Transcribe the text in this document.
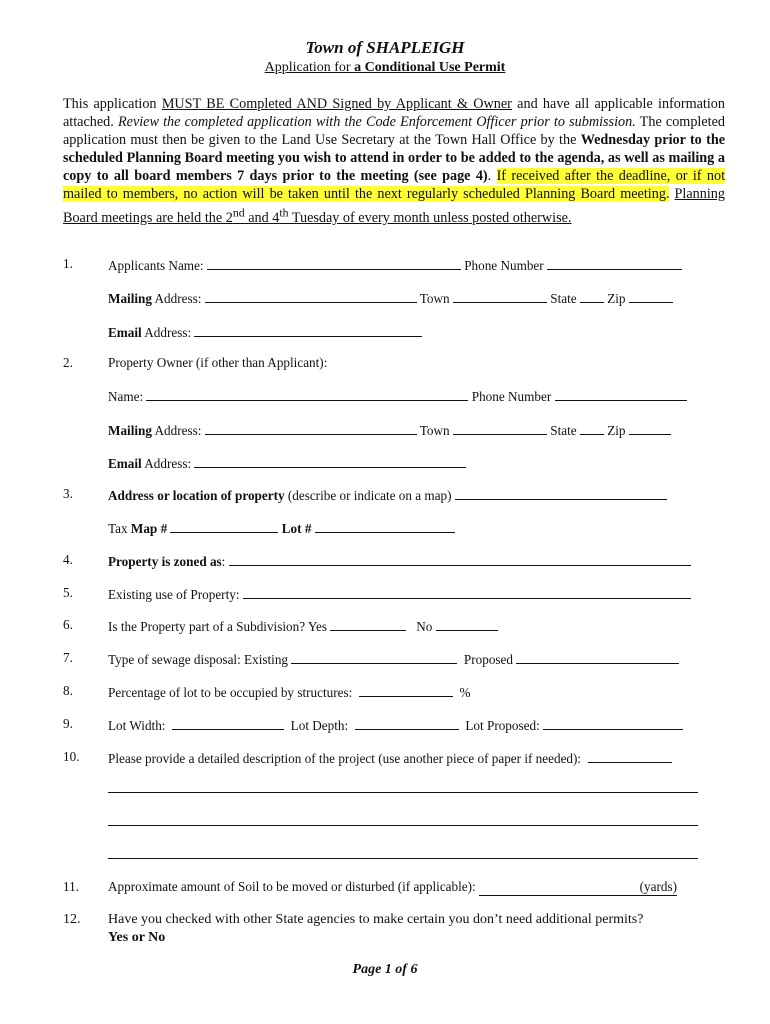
Town of SHAPLEIGH
Application for a Conditional Use Permit
This application MUST BE Completed AND Signed by Applicant & Owner and have all applicable information attached. Review the completed application with the Code Enforcement Officer prior to submission. The completed application must then be given to the Land Use Secretary at the Town Hall Office by the Wednesday prior to the scheduled Planning Board meeting you wish to attend in order to be added to the agenda, as well as mailing a copy to all board members 7 days prior to the meeting (see page 4). If received after the deadline, or if not mailed to members, no action will be taken until the next regularly scheduled Planning Board meeting. Planning Board meetings are held the 2nd and 4th Tuesday of every month unless posted otherwise.
1.	Applicants Name:	Phone Number
Mailing Address:	Town	State Zip
Email Address:
2.	Property Owner (if other than Applicant):
Name:	Phone Number
Mailing Address:	Town	State Zip
Email Address:
3.	Address or location of property (describe or indicate on a map)
Tax Map #	Lot #
4.	Property is zoned as:
5.	Existing use of Property:
6.	Is the Property part of a Subdivision? Yes	No
7.	Type of sewage disposal: Existing	Proposed
8.	Percentage of lot to be occupied by structures:	%
9.	Lot Width:	Lot Depth:	Lot Proposed:
10. Please provide a detailed description of the project (use another piece of paper if needed):
11. Approximate amount of Soil to be moved or disturbed (if applicable):	(yards)
12. Have you checked with other State agencies to make certain you don’t need additional permits?
Yes or No
Page 1 of 6
